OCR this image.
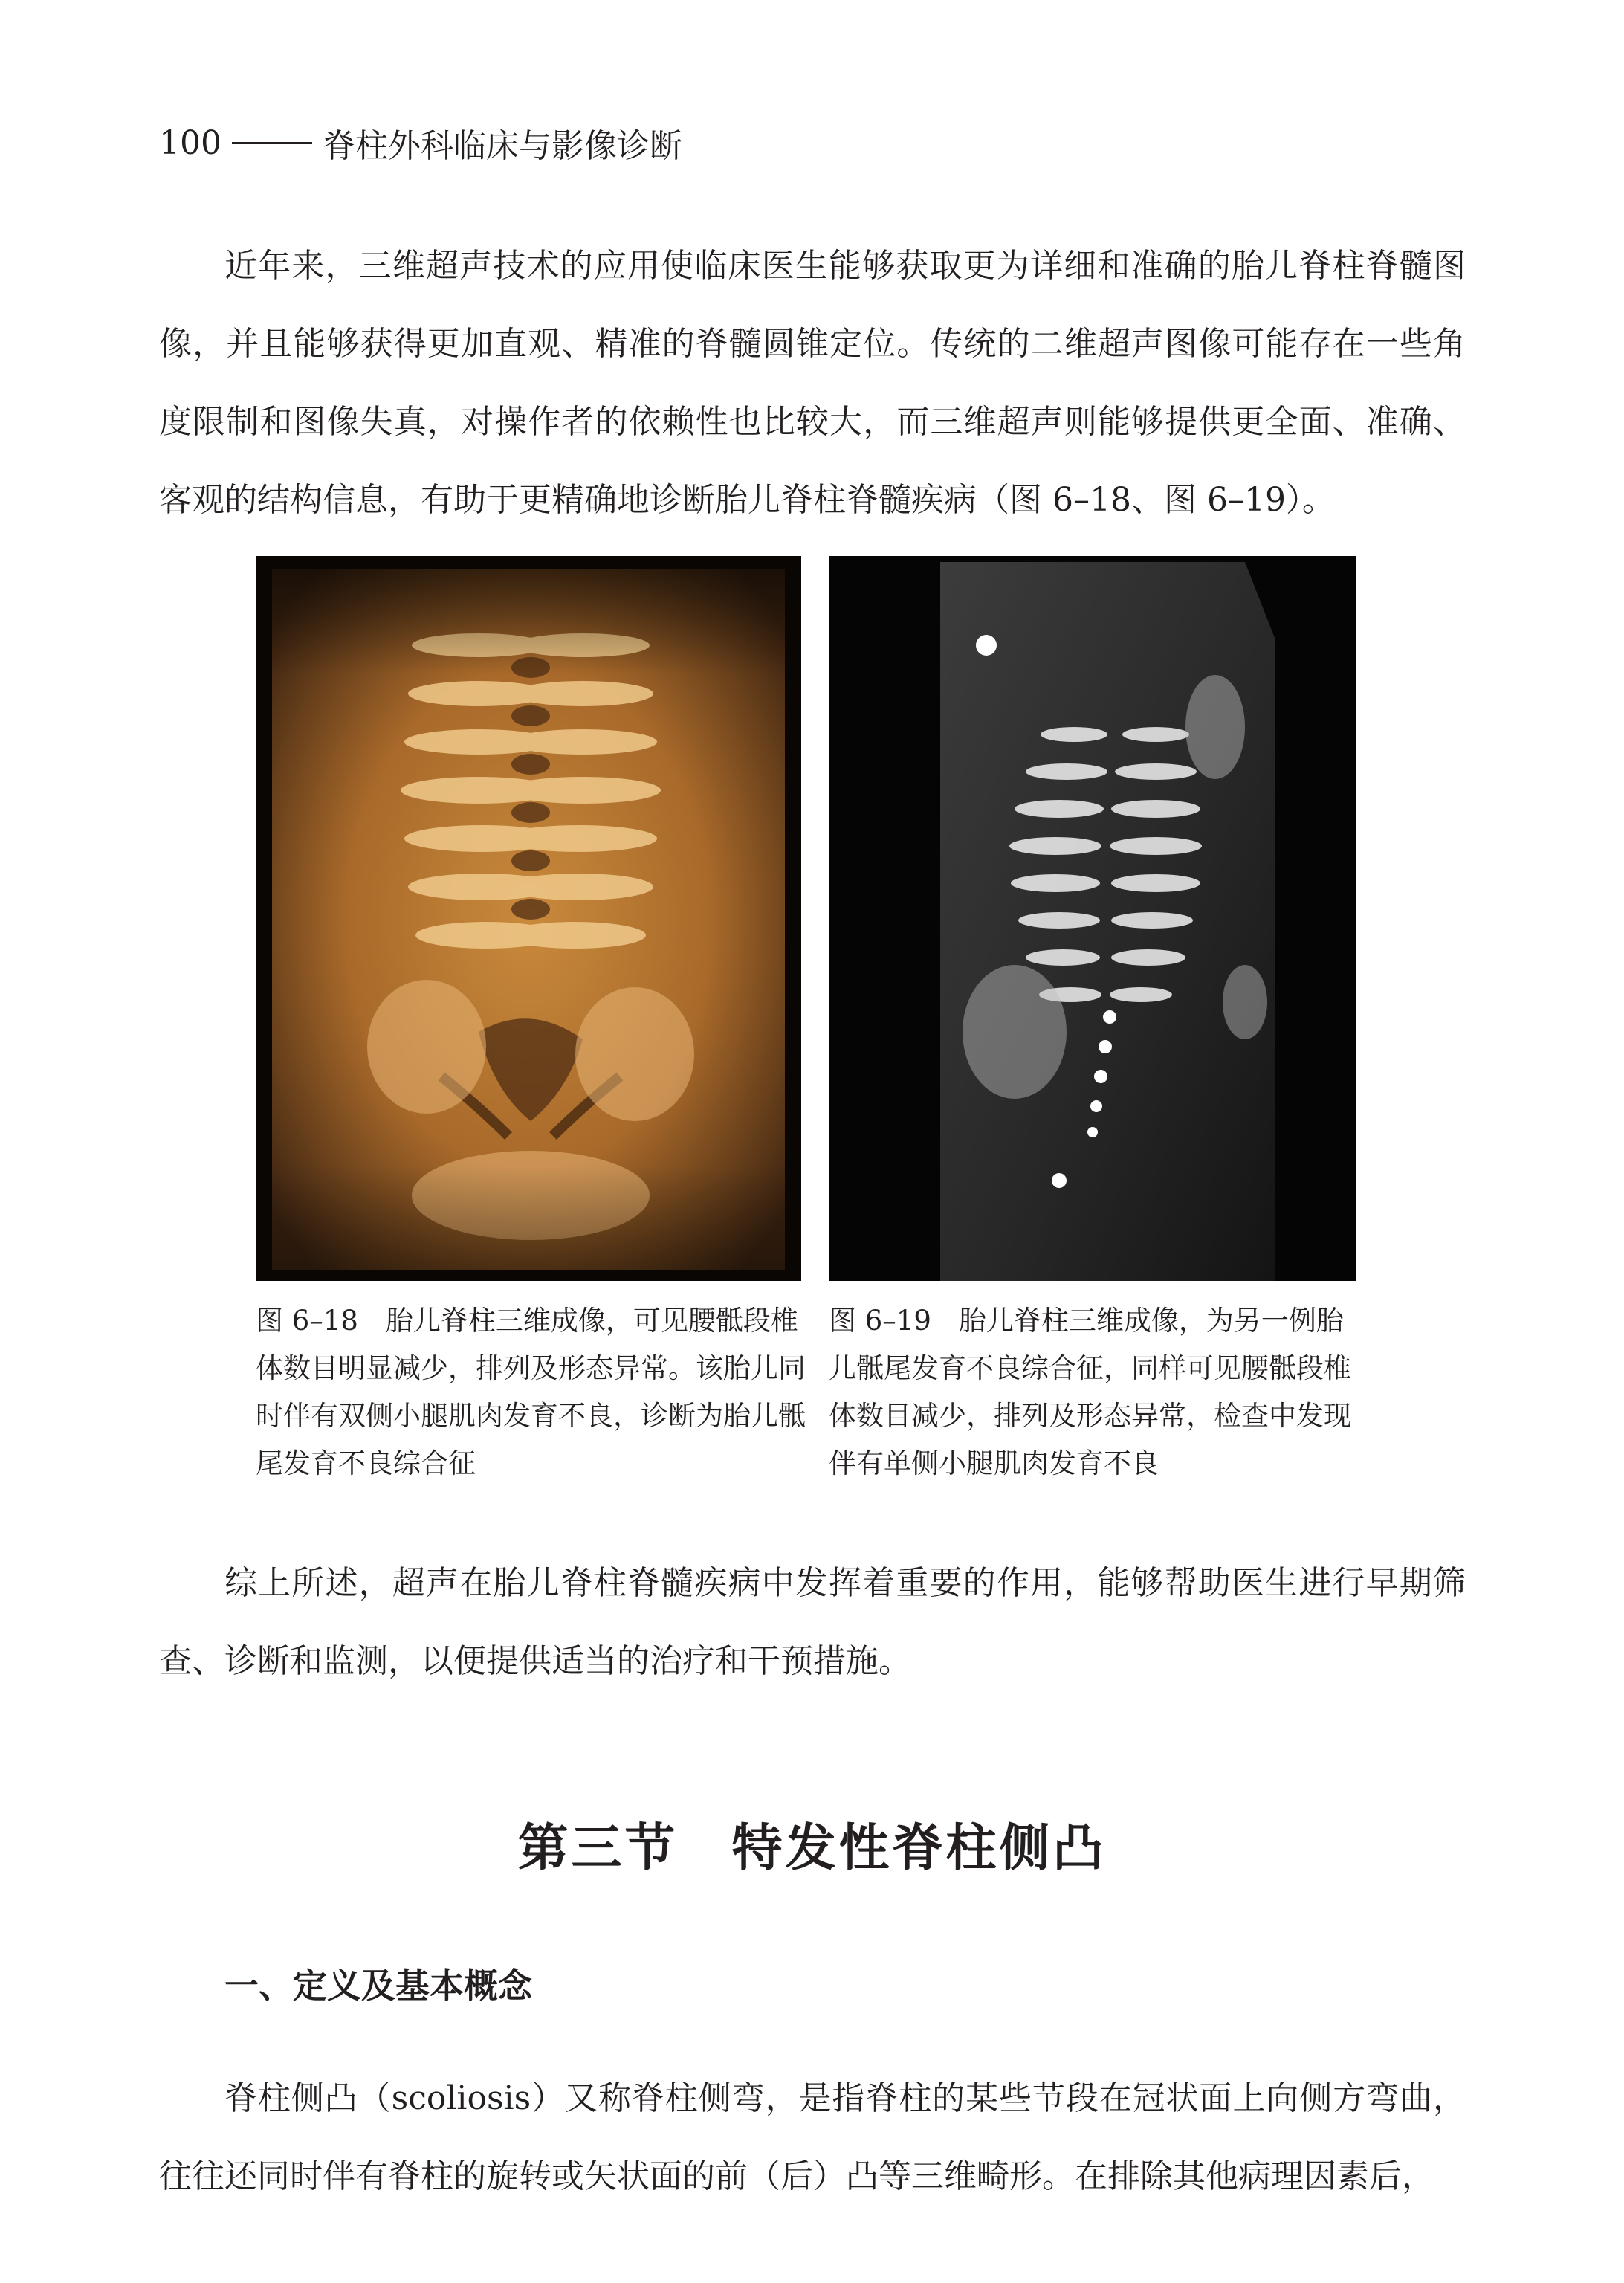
100	脊柱外科临床与影像诊断

近年来，三维超声技术的应用使临床医生能够获取更为详细和准确的胎儿脊柱脊髓图像，并且能够获得更加直观、精准的脊髓圆锥定位。传统的二维超声图像可能存在一些角度限制和图像失真，对操作者的依赖性也比较大，而三维超声则能够提供更全面、准确、客观的结构信息，有助于更精确地诊断胎儿脊柱脊髓疾病（图 6–18、图 6–19）。

图 6–18　胎儿脊柱三维成像，可见腰骶段椎体数目明显减少，排列及形态异常。该胎儿同时伴有双侧小腿肌肉发育不良，诊断为胎儿骶尾发育不良综合征

图 6–19　胎儿脊柱三维成像，为另一例胎儿骶尾发育不良综合征，同样可见腰骶段椎体数目减少，排列及形态异常，检查中发现伴有单侧小腿肌肉发育不良

综上所述，超声在胎儿脊柱脊髓疾病中发挥着重要的作用，能够帮助医生进行早期筛查、诊断和监测，以便提供适当的治疗和干预措施。

第三节　特发性脊柱侧凸
一、定义及基本概念

脊柱侧凸（scoliosis）又称脊柱侧弯，是指脊柱的某些节段在冠状面上向侧方弯曲，往往还同时伴有脊柱的旋转或矢状面的前（后）凸等三维畸形。在排除其他病理因素后，
